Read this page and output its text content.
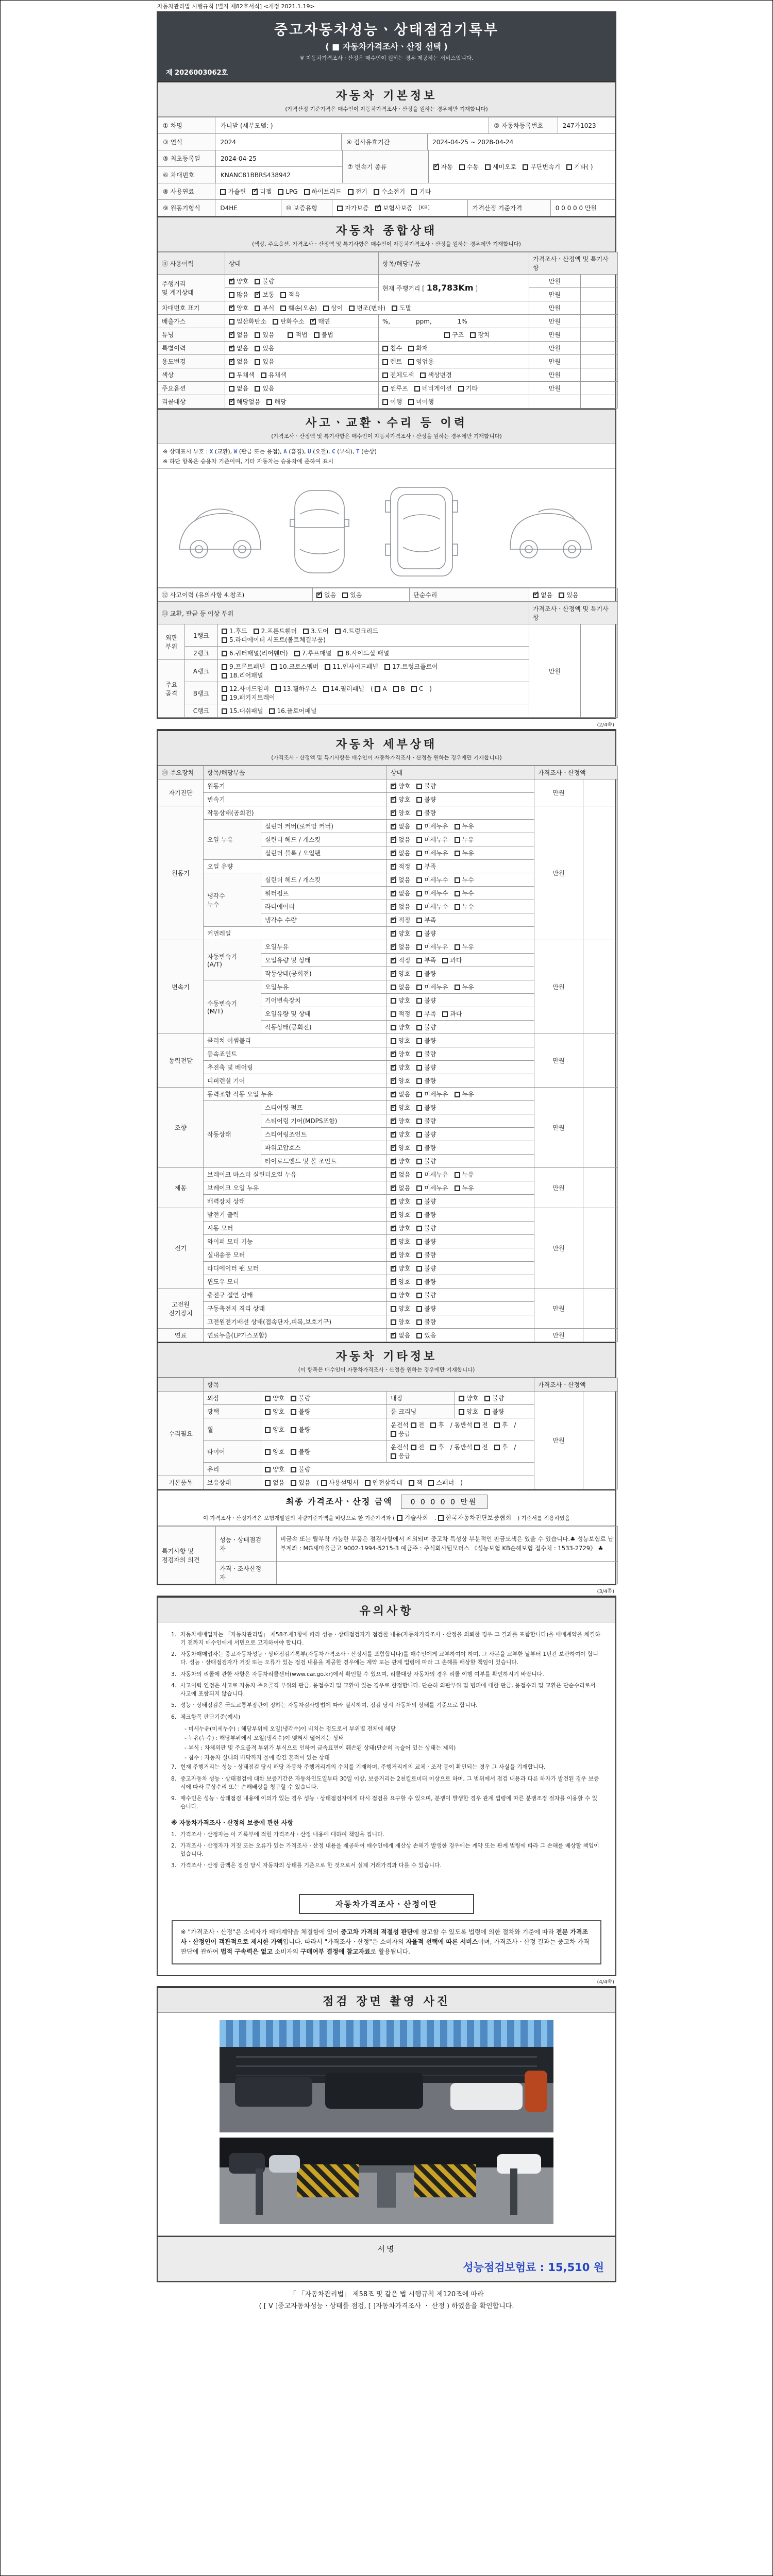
자동차관리법 시행규칙 [별지 제82호서식] <개정 2021.1.19>
중고자동차성능ㆍ상태점검기록부
( ■ 자동차가격조사ㆍ산정 선택 )
※ 자동차가격조사ㆍ산정은 매수인이 원하는 경우 제공하는 서비스입니다.
제 2026003062호
자동차 기본정보
(가격산정 기준가격은 매수인이 자동차가격조사ㆍ산정을 원하는 경우에만 기재합니다)
① 차명	카니발 (세부모델: )	② 자동차등록번호	247가1023
③ 연식	2024	④ 검사유효기간	2024-04-25 ~ 2028-04-24
⑤ 최초등록일	2024-04-25
⑥ 차대번호	KNANC81BBRS438942
⑦ 변속기 종류 ✓	자동	수동	세미오토	무단변속기	기타( )
⑧ 사용연료	가솔린 ✓	디젤	LPG	하이브리드	전기	수소전기	기타
⑨ 원동기형식	D4HE	⑩ 보증유형	자가보증 ✓	보험사보증 [KB]	가격산정 기준가격	0 0 0 0 0 만원
자동차 종합상태
(색상, 주요옵션, 가격조사ㆍ산정액 및 특기사항은 매수인이 자동차가격조사ㆍ산정을 원하는 경우에만 기재합니다)
⑪ 사용이력	상태	항목/해당부품	가격조사ㆍ산정액 및 특기사항	
주행거리
및 계기상태	✓양호 불량	현재 주행거리 [ 18,783Km ]	만원	
	많음 ✓ 보통 적음		만원	
차대번호 표기	✓양호 부식 훼손(오손) 상이 변조(변타) 도말		만원	
배출가스	일산화탄소 탄화수소 ✓ 매연	%, ppm, 1%	만원	
튜닝	✓없음 있음 적법 불법	구조 장치	만원	
특별이력	✓없음 있음	침수 화재	만원	
용도변경	✓없음 있음	렌트 영업용	만원	
색상	무채색 유채색	전체도색 색상변경	만원	
주요옵션	없음 있음	썬루프 네비게이션 기타	만원	
리콜대상	✓해당없음 해당	이행 미이행		
사고ㆍ교환ㆍ수리 등 이력
(가격조사ㆍ산정액 및 특기사항은 매수인이 자동차가격조사ㆍ산정을 원하는 경우에만 기재합니다)
※ 상태표시 부호 : X (교환), W (판금 또는 용접), A (흠집), U (요철), C (부식), T (손상)
※ 하단 항목은 승용차 기준이며, 기타 자동차는 승용차에 준하여 표시
⑫ 사고이력 (유의사항 4.참조)	✓없음 있음	단순수리	✓없음 있음
⑬ 교환, 판금 등 이상 부위			가격조사ㆍ산정액 및 특기사항	
외판
부위	1랭크	1.후드 2.프론트휀더 3.도어 4.트렁크리드
5.라디에이터 서포트(볼트체결부품)	만원	
	2랭크	6.쿼터패널(리어휀더) 7.루프패널 8.사이드실 패널		
주요
골격	A랭크	9.프론트패널 10.크로스멤버 11.인사이드패널 17.트렁크플로어
18.리어패널		
	B랭크	12.사이드멤버 13.휠하우스 14.필러패널 ( A B C )
19.패키지트레이		
	C랭크	15.대쉬패널 16.플로어패널		
(2/4쪽)
자동차 세부상태
(가격조사ㆍ산정액 및 특기사항은 매수인이 자동차가격조사ㆍ산정을 원하는 경우에만 기재합니다)
⑭ 주요장치	항목/해당부품		상태	가격조사ㆍ산정액	
자기진단	원동기	✓양호 불량	만원	
	변속기	✓양호 불량
원동기	작동상태(공회전)	✓양호 불량	만원	
	오일 누유	실린더 커버(로커암 커버)	✓없음 미세누유 누유
		실린더 헤드 / 개스킷	✓없음 미세누유 누유
		실린더 블록 / 오일팬	✓없음 미세누유 누유
	오일 유량	✓적정 부족
	냉각수
누수	실린더 헤드 / 개스킷	✓없음 미세누수 누수
		워터펌프	✓없음 미세누수 누수
		라디에이터	✓없음 미세누수 누수
		냉각수 수량	✓적정 부족
	커먼레일	✓양호 불량
변속기	자동변속기
(A/T)	오일누유	✓없음 미세누유 누유	만원	
		오일유량 및 상태	✓적정 부족 과다
		작동상태(공회전)	✓양호 불량
	수동변속기
(M/T)	오일누유	없음 미세누유 누유		
		기어변속장치	양호 불량		
		오일유량 및 상태	적정 부족 과다		
		작동상태(공회전)	양호 불량		
동력전달	클러치 어셈블리		양호 불량	만원	
	등속죠인트	✓양호 불량
	추진축 및 베어링	✓양호 불량
	디퍼렌셜 기어	✓양호 불량
조향	동력조향 작동 오일 누유	✓없음 미세누유 누유	만원	
	작동상태	스티어링 펌프	✓양호 불량
		스티어링 기어(MDPS포함)	✓양호 불량
		스티어링조인트	✓양호 불량
		파워고압호스	✓양호 불량
		타이로드엔드 및 볼 조인트	✓양호 불량
제동	브레이크 마스터 실린더오일 누유	✓없음 미세누유 누유	만원	
	브레이크 오일 누유	✓없음 미세누유 누유
	배력장치 상태	✓양호 불량
전기	발전기 출력	✓양호 불량	만원	
	시동 모터	✓양호 불량
	와이퍼 모터 기능	✓양호 불량
	실내송풍 모터	✓양호 불량
	라디에이터 팬 모터	✓양호 불량
	윈도우 모터	✓양호 불량
고전원
전기장치	충전구 절연 상태		양호 불량	만원	
	구동축전지 격리 상태		양호 불량		
	고전원전기배선 상태(접속단자,피복,보호기구)		양호 불량		
연료	연료누출(LP가스포함)	✓없음 있음	만원	
자동차 기타정보
(이 항목은 매수인이 자동차가격조사ㆍ산정을 원하는 경우에만 기재합니다)
	항목				가격조사ㆍ산정액	
수리필요	외장	양호 불량	내장	양호 불량	만원	
	광택	양호 불량	룸 크리닝	양호 불량		
	휠	양호 불량	운전석 전 후 / 동반석 전 후 / 응급			
	타이어	양호 불량	운전석 전 후 / 동반석 전 후 / 응급			
	유리	양호 불량				
기본품목	보유상태	없음 있음 ( 사용설명서 안전삼각대 잭 스패너 )				
최종 가격조사ㆍ산정 금액	0 0 0 0 0 만원
이 가격조사ㆍ산정가격은 보험개발원의 차량기준가액을 바탕으로 한 기준가격과 ( 기술사회 , 한국자동차진단보증협회 ) 기준서를 적용하였음
특기사항 및
점검자의 의견	성능ㆍ상태점검
자	비금속 또는 탈부착 가능한 부품은 점검사항에서 제외되며 중고차 특성상 부분적인 판금도색은 있을 수 있습니다.♣ 성능보험료 납부계좌 : MG새마을금고 9002-1994-5215-3 예금주 : 주식회사팀모터스 《성능보험 KB손해보험 접수처 : 1533-2729》 ♣
	가격ㆍ조사산정
자	
(3/4쪽)
유의사항
1. 자동차매매업자는 「자동차관리법」 제58조제1항에 따라 성능ㆍ상태점검자가 점검한 내용(자동차가격조사ㆍ산정을 의뢰한 경우 그 결과를 포함합니다)을 매매계약을 체결하기 전까지 매수인에게 서면으로 고지하여야 합니다.
2. 자동차매매업자는 중고자동차성능ㆍ상태점검기록부(자동차가격조사ㆍ산정서를 포함합니다)를 매수인에게 교부하여야 하며, 그 사본을 교부한 날부터 1년간 보관하여야 합니다. 성능ㆍ상태점검자가 거짓 또는 오류가 있는 점검 내용을 제공한 경우에는 계약 또는 관계 법령에 따라 그 손해를 배상할 책임이 있습니다.
3. 자동차의 리콜에 관한 사항은 자동차리콜센터(www.car.go.kr)에서 확인할 수 있으며, 리콜대상 자동차의 경우 리콜 이행 여부를 확인하시기 바랍니다.
4. 사고이력 인정은 사고로 자동차 주요골격 부위의 판금, 용접수리 및 교환이 있는 경우로 한정합니다. 단순히 외판부위 및 범퍼에 대한 판금, 용접수리 및 교환은 단순수리로서 사고에 포함되지 않습니다.
5. 성능ㆍ상태점검은 국토교통부장관이 정하는 자동차검사방법에 따라 실시하며, 점검 당시 자동차의 상태를 기준으로 합니다.
6. 체크항목 판단기준(예시)
- 미세누유(미세누수) : 해당부위에 오일(냉각수)이 비치는 정도로서 부위별 전체에 해당
- 누유(누수) : 해당부위에서 오일(냉각수)이 맺혀서 떨어지는 상태
- 부식 : 차체외판 및 주요골격 부위가 부식으로 인하여 금속표면이 훼손된 상태(단순히 녹슬어 있는 상태는 제외)
- 침수 : 자동차 실내의 바닥까지 물에 잠긴 흔적이 있는 상태
7. 현재 주행거리는 성능ㆍ상태점검 당시 해당 자동차 주행거리계의 수치를 기재하며, 주행거리계의 교체ㆍ조작 등이 확인되는 경우 그 사실을 기재합니다.
8. 중고자동차 성능ㆍ상태점검에 대한 보증기간은 자동차인도일부터 30일 이상, 보증거리는 2천킬로미터 이상으로 하며, 그 범위에서 점검 내용과 다른 하자가 발견된 경우 보증서에 따라 무상수리 또는 손해배상을 청구할 수 있습니다.
9. 매수인은 성능ㆍ상태점검 내용에 이의가 있는 경우 성능ㆍ상태점검자에게 다시 점검을 요구할 수 있으며, 분쟁이 발생한 경우 관계 법령에 따른 분쟁조정 절차를 이용할 수 있습니다.
※ 자동차가격조사ㆍ산정의 보증에 관한 사항
1. 가격조사ㆍ산정자는 이 기록부에 적힌 가격조사ㆍ산정 내용에 대하여 책임을 집니다.
2. 가격조사ㆍ산정자가 거짓 또는 오류가 있는 가격조사ㆍ산정 내용을 제공하여 매수인에게 재산상 손해가 발생한 경우에는 계약 또는 관계 법령에 따라 그 손해를 배상할 책임이 있습니다.
3. 가격조사ㆍ산정 금액은 점검 당시 자동차의 상태를 기준으로 한 것으로서 실제 거래가격과 다를 수 있습니다.
자동차가격조사ㆍ산정이란
※ "가격조사ㆍ산정"은 소비자가 매매계약을 체결함에 있어 중고차 가격의 적절성 판단에 참고할 수 있도록 법령에 의한 절차와 기준에 따라 전문 가격조사ㆍ산정인이 객관적으로 제시한 가액입니다. 따라서 "가격조사ㆍ산정"은 소비자의 자율적 선택에 따른 서비스이며, 가격조사ㆍ산정 결과는 중고차 가격판단에 관하여 법적 구속력은 없고 소비자의 구매여부 결정에 참고자료로 활용됩니다.
(4/4쪽)
점검 장면 촬영 사진
서명
성능점검보험료 : 15,510 원
「 「자동차관리법」 제58조 및 같은 법 시행규칙 제120조에 따라
( [ V ]중고자동차성능ㆍ상태를 점검, [ ]자동차가격조사 ㆍ 산정 ) 하였음을 확인합니다.
